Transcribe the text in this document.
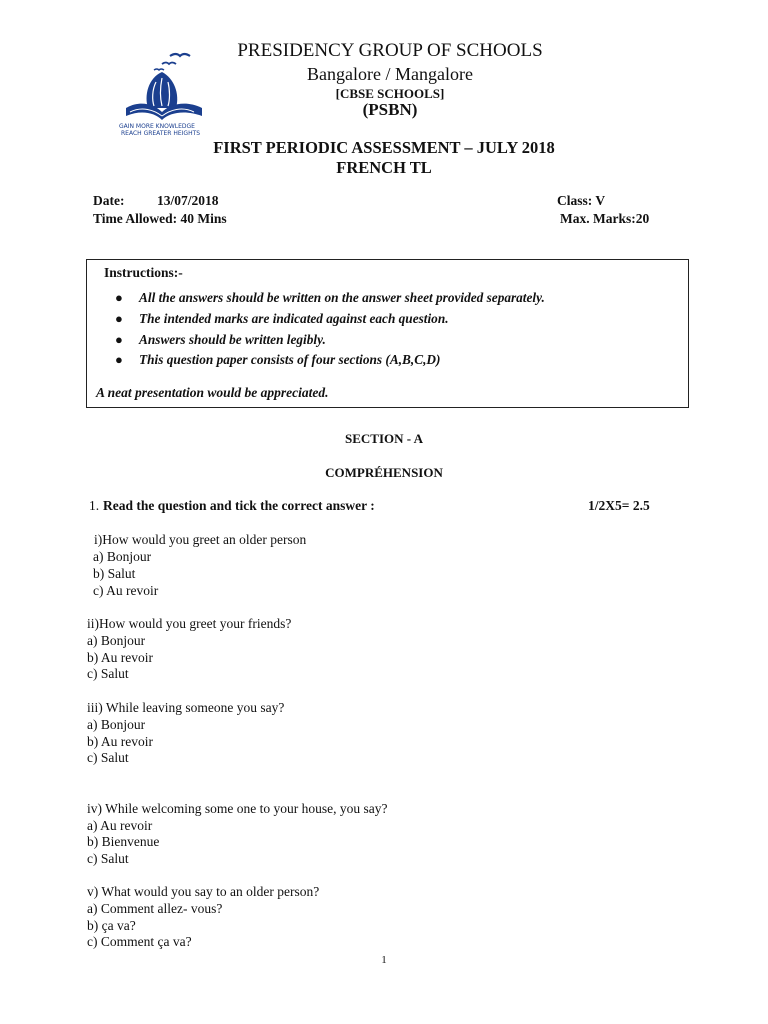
GAIN MORE KNOWLEDGE
REACH GREATER HEIGHTS
PRESIDENCY GROUP OF SCHOOLS
Bangalore / Mangalore
[CBSE SCHOOLS]
(PSBN)
FIRST PERIODIC ASSESSMENT – JULY 2018
FRENCH TL
Date: 13/07/2018
Time Allowed: 40 Mins
Class: V
Max. Marks:20
Instructions:-
● All the answers should be written on the answer sheet provided separately.
● The intended marks are indicated against each question.
● Answers should be written legibly.
● This question paper consists of four sections (A,B,C,D)
A neat presentation would be appreciated.
SECTION - A
COMPRÉHENSION
1. Read the question and tick the correct answer :	1/2X5= 2.5
i)How would you greet an older person
a) Bonjour
b) Salut
c) Au revoir
ii)How would you greet your friends?
a) Bonjour
b) Au revoir
c) Salut
iii) While leaving someone you say?
a) Bonjour
b) Au revoir
c) Salut
iv) While welcoming some one to your house, you say?
a) Au revoir
b) Bienvenue
c) Salut
v) What would you say to an older person?
a) Comment allez- vous?
b) ça va?
c) Comment ça va?
1
